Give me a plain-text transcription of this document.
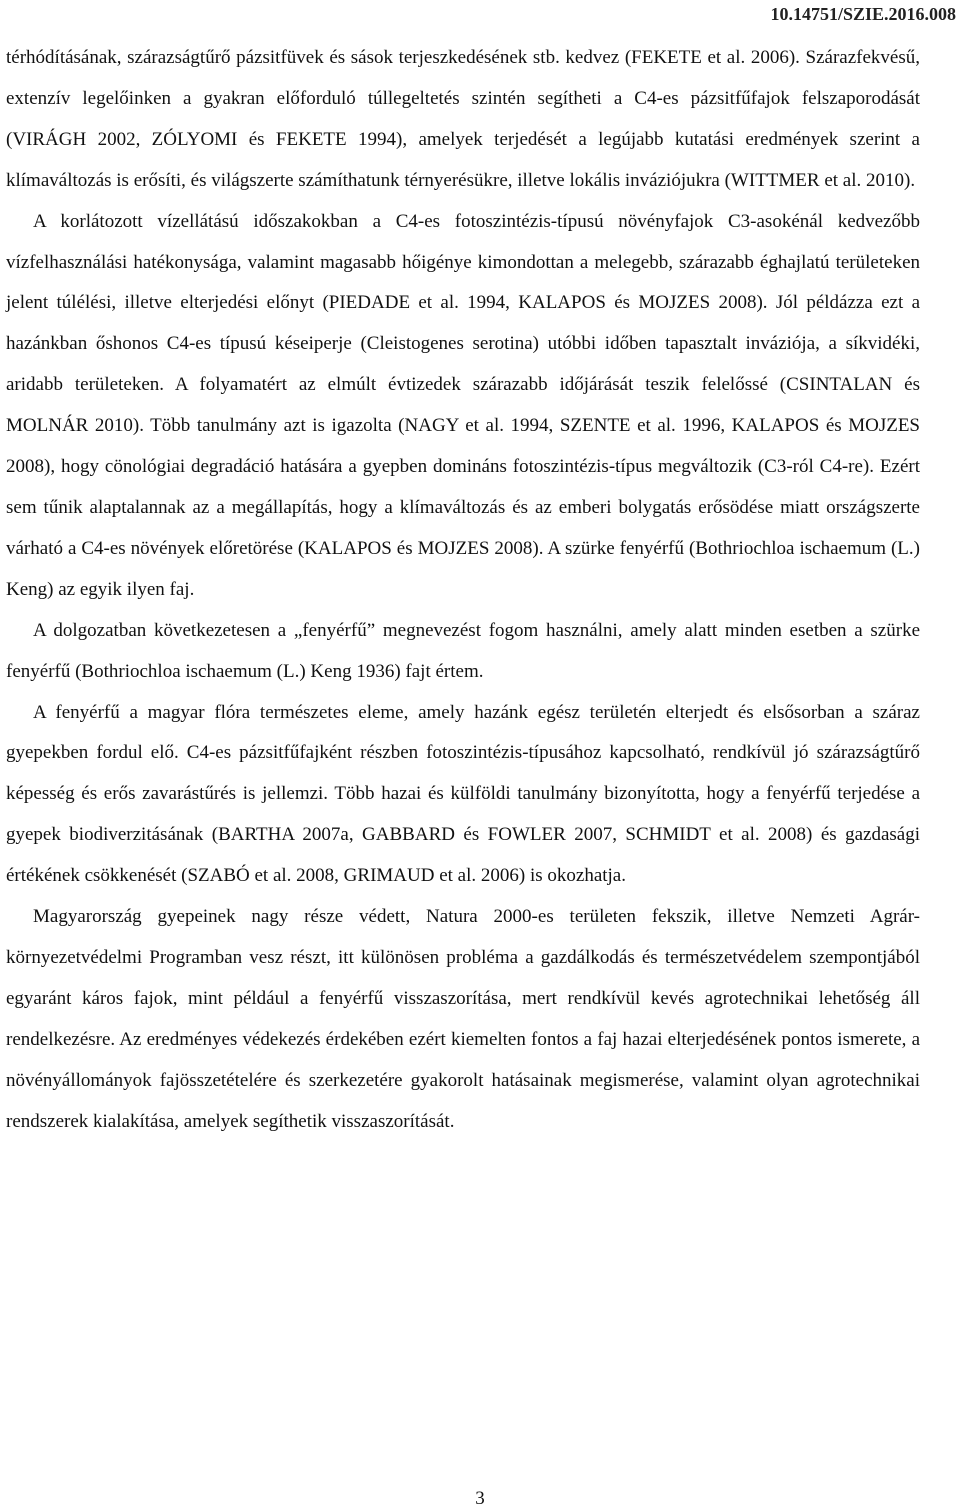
10.14751/SZIE.2016.008

térhódításának, szárazságtűrő pázsitfüvek és sások terjeszkedésének stb. kedvez (FEKETE et al. 2006). Szárazfekvésű, extenzív legelőinken a gyakran előforduló túllegeltetés szintén segítheti a C4-es pázsitfűfajok felszaporodását (VIRÁGH 2002, ZÓLYOMI és FEKETE 1994), amelyek terjedését a legújabb kutatási eredmények szerint a klímaváltozás is erősíti, és világszerte számíthatunk térnyerésükre, illetve lokális inváziójukra (WITTMER et al. 2010).

A korlátozott vízellátású időszakokban a C4-es fotoszintézis-típusú növényfajok C3-asokénál kedvezőbb vízfelhasználási hatékonysága, valamint magasabb hőigénye kimondottan a melegebb, szárazabb éghajlatú területeken jelent túlélési, illetve elterjedési előnyt (PIEDADE et al. 1994, KALAPOS és MOJZES 2008). Jól példázza ezt a hazánkban őshonos C4-es típusú késeiperje (Cleistogenes serotina) utóbbi időben tapasztalt inváziója, a síkvidéki, aridabb területeken. A folyamatért az elmúlt évtizedek szárazabb időjárását teszik felelőssé (CSINTALAN és MOLNÁR 2010). Több tanulmány azt is igazolta (NAGY et al. 1994, SZENTE et al. 1996, KALAPOS és MOJZES 2008), hogy cönológiai degradáció hatására a gyepben domináns fotoszintézis-típus megváltozik (C3-ról C4-re). Ezért sem tűnik alaptalannak az a megállapítás, hogy a klímaváltozás és az emberi bolygatás erősödése miatt országszerte várható a C4-es növények előretörése (KALAPOS és MOJZES 2008). A szürke fenyérfű (Bothriochloa ischaemum (L.) Keng) az egyik ilyen faj.

A dolgozatban következetesen a „fenyérfű” megnevezést fogom használni, amely alatt minden esetben a szürke fenyérfű (Bothriochloa ischaemum (L.) Keng 1936) fajt értem.

A fenyérfű a magyar flóra természetes eleme, amely hazánk egész területén elterjedt és elsősorban a száraz gyepekben fordul elő. C4-es pázsitfűfajként részben fotoszintézis-típusához kapcsolható, rendkívül jó szárazságtűrő képesség és erős zavarástűrés is jellemzi. Több hazai és külföldi tanulmány bizonyította, hogy a fenyérfű terjedése a gyepek biodiverzitásának (BARTHA 2007a, GABBARD és FOWLER 2007, SCHMIDT et al. 2008) és gazdasági értékének csökkenését (SZABÓ et al. 2008, GRIMAUD et al. 2006) is okozhatja.

Magyarország gyepeinek nagy része védett, Natura 2000-es területen fekszik, illetve Nemzeti Agrár-környezetvédelmi Programban vesz részt, itt különösen probléma a gazdálkodás és természetvédelem szempontjából egyaránt káros fajok, mint például a fenyérfű visszaszorítása, mert rendkívül kevés agrotechnikai lehetőség áll rendelkezésre. Az eredményes védekezés érdekében ezért kiemelten fontos a faj hazai elterjedésének pontos ismerete, a növényállományok fajösszetételére és szerkezetére gyakorolt hatásainak megismerése, valamint olyan agrotechnikai rendszerek kialakítása, amelyek segíthetik visszaszorítását.

3
